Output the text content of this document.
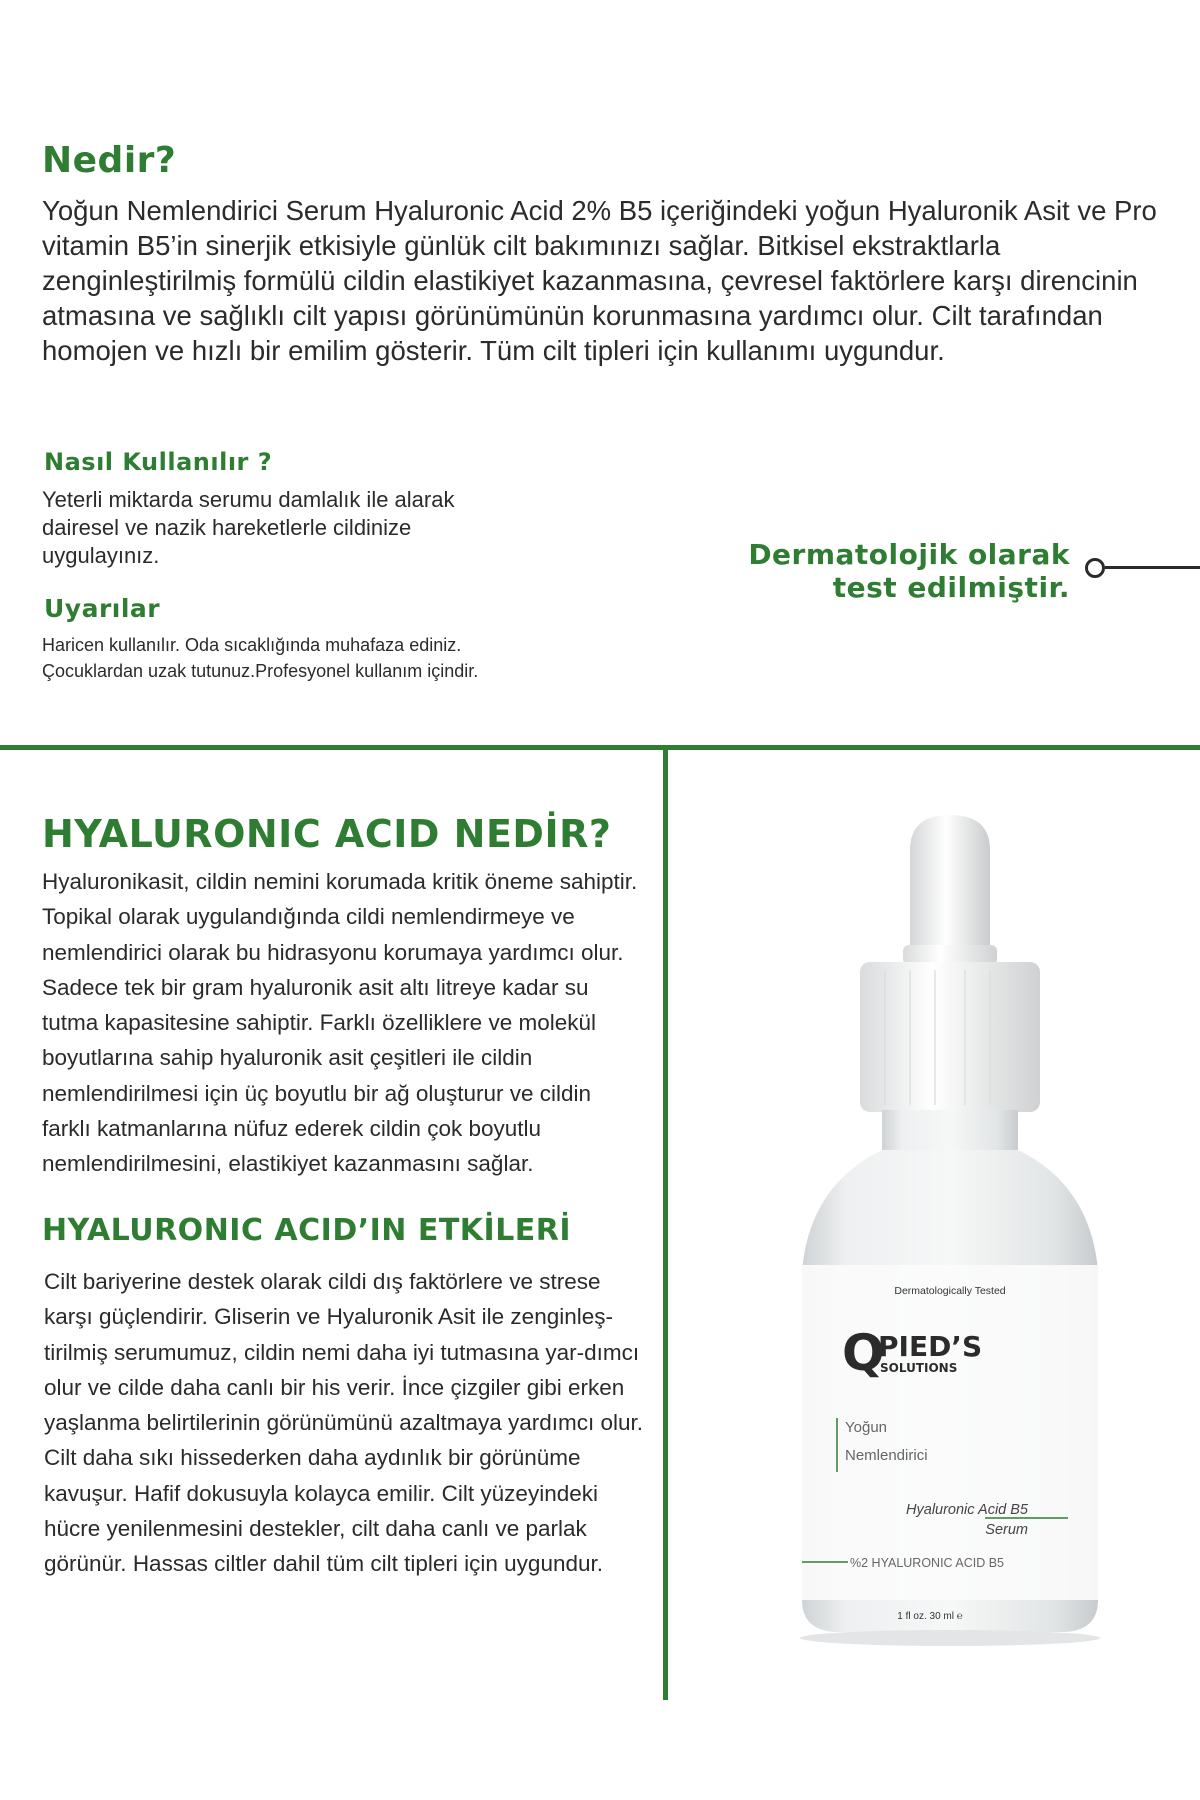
Nedir?

Yoğun Nemlendirici Serum Hyaluronic Acid 2% B5 içeriğindeki yoğun Hyaluronik Asit ve Pro vitamin B5’in sinerjik etkisiyle günlük cilt bakımınızı sağlar. Bitkisel ekstraktlarla zenginleştirilmiş formülü cildin elastikiyet kazanmasına, çevresel faktörlere karşı direncinin atmasına ve sağlıklı cilt yapısı görünümünün korunmasına yardımcı olur. Cilt tarafından homojen ve hızlı bir emilim gösterir. Tüm cilt tipleri için kullanımı uygundur.

Nasıl Kullanılır ?

Yeterli miktarda serumu damlalık ile alarak dairesel ve nazik hareketlerle cildinize uygulayınız.

Uyarılar
Haricen kullanılır. Oda sıcaklığında muhafaza ediniz.
Çocuklardan uzak tutunuz.Profesyonel kullanım içindir.
Dermatolojik olarak
test edilmiştir.
HYALURONIC ACID NEDİR?

Hyaluronikasit, cildin nemini korumada kritik öneme sahiptir. Topikal olarak uygulandığında cildi nemlendirmeye ve nemlendirici olarak bu hidrasyonu korumaya yardımcı olur. Sadece tek bir gram hyaluronik asit altı litreye kadar su tutma kapasitesine sahiptir. Farklı özelliklere ve molekül boyutlarına sahip hyaluronik asit çeşitleri ile cildin nemlendirilmesi için üç boyutlu bir ağ oluşturur ve cildin farklı katmanlarına nüfuz ederek cildin çok boyutlu nemlendirilmesini, elastikiyet kazanmasını sağlar.

HYALURONIC ACID’IN ETKİLERİ

Cilt bariyerine destek olarak cildi dış faktörlere ve strese karşı güçlendirir. Gliserin ve Hyaluronik Asit ile zenginleş-tirilmiş serumumuz, cildin nemi daha iyi tutmasına yar-dımcı olur ve cilde daha canlı bir his verir. İnce çizgiler gibi erken yaşlanma belirtilerinin görünümünü azaltmaya yardımcı olur. Cilt daha sıkı hissederken daha aydınlık bir görünüme kavuşur. Hafif dokusuyla kolayca emilir. Cilt yüzeyindeki hücre yenilenmesini destekler, cilt daha canlı ve parlak görünür. Hassas ciltler dahil tüm cilt tipleri için uygundur.

Dermatologically Tested
Q
PIED’S
SOLUTIONS
Yoğun
Nemlendirici
Hyaluronic Acid B5
Serum
%2 HYALURONIC ACID B5
1 fl oz. 30 ml ℮
